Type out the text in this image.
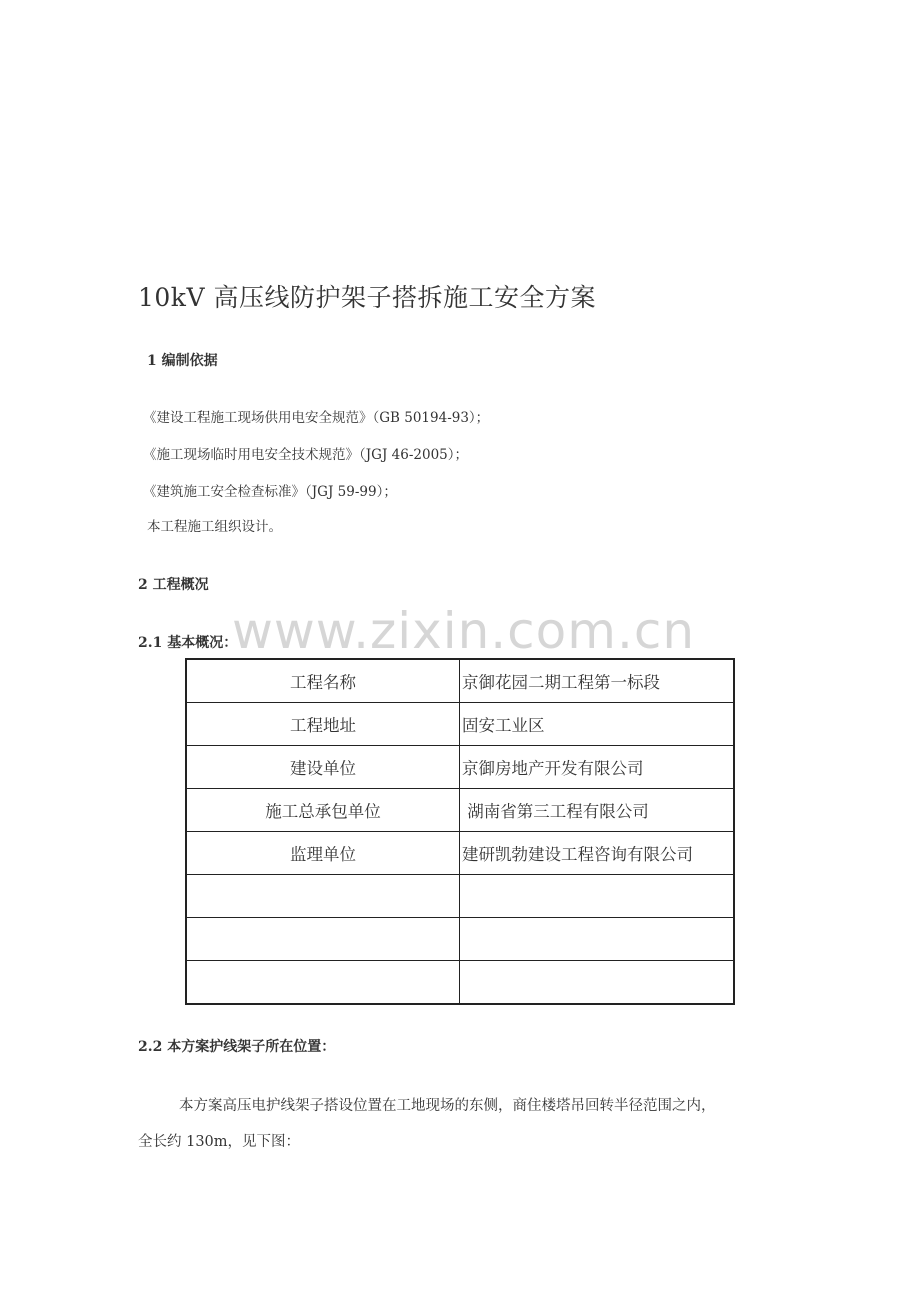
10kV 高压线防护架子搭拆施工安全方案
1 编制依据
《建设工程施工现场供用电安全规范》（GB 50194-93）；
《施工现场临时用电安全技术规范》（JGJ 46-2005）；
《建筑施工安全检查标准》（JGJ 59-99）；
本工程施工组织设计。
2 工程概况
www.zixin.com.cn
2.1 基本概况：
工程名称	京御花园二期工程第一标段
工程地址	固安工业区
建设单位	京御房地产开发有限公司
施工总承包单位	湖南省第三工程有限公司
监理单位	建研凯勃建设工程咨询有限公司

2.2 本方案护线架子所在位置：
本方案高压电护线架子搭设位置在工地现场的东侧，商住楼塔吊回转半径范围之内，
全长约 130m，见下图：
